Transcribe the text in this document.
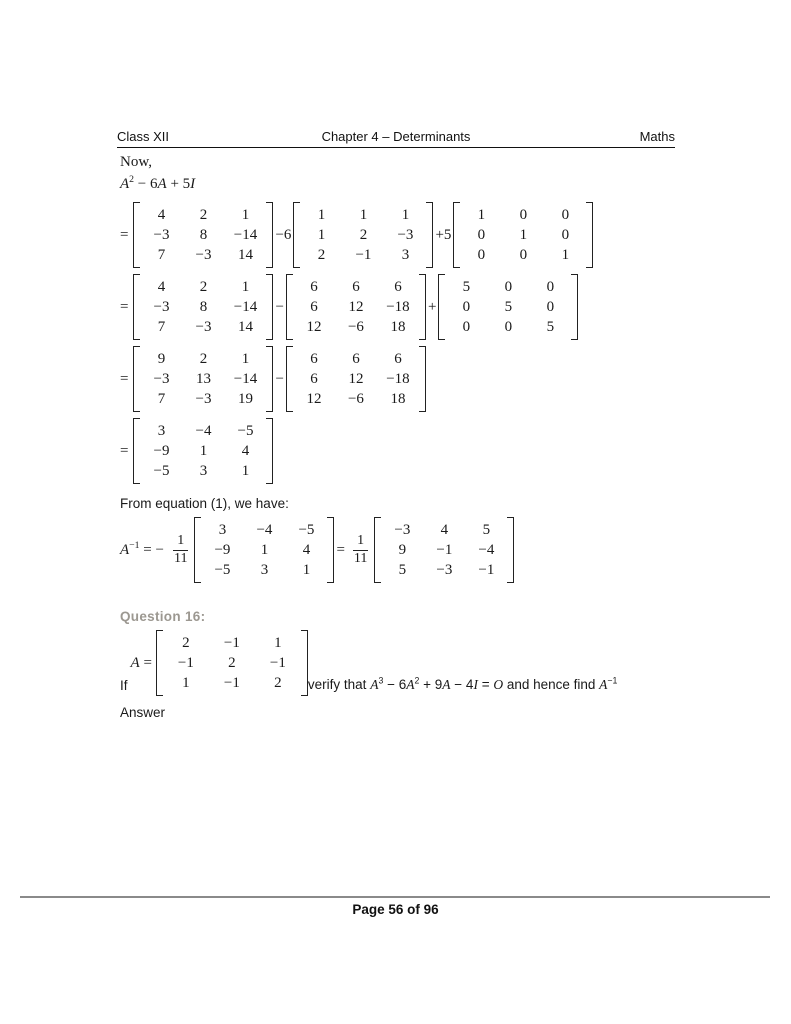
Class XII	Chapter 4 – Determinants	Maths
Now,
$A^2 - 6A + 5I$
=
4	2	1
−3	8	−14
7	−3	14
−6
1	1	1
1	2	−3
2	−1	3
+5
1	0	0
0	1	0
0	0	1
=
4	2	1
−3	8	−14
7	−3	14
−
6	6	6
6	12	−18
12	−6	18
+
5	0	0
0	5	0
0	0	5
=
9	2	1
−3	13	−14
7	−3	19
−
6	6	6
6	12	−18
12	−6	18
=
3	−4	−5
−9	1	4
−5	3	1
From equation (1), we have:
$A^{-1}$ = − $\frac{1}{11}$
3	−4	−5
−9	1	4
−5	3	1
= $\frac{1}{11}$
−3	4	5
9	−1	−4
5	−3	−1
Question 16:
If
A =
2	−1	1
−1	2	−1
1	−1	2	verify that $A^3 - 6A^2 + 9A - 4I = O$ and hence find $A^{-1}$
Answer
Page 56 of 96
